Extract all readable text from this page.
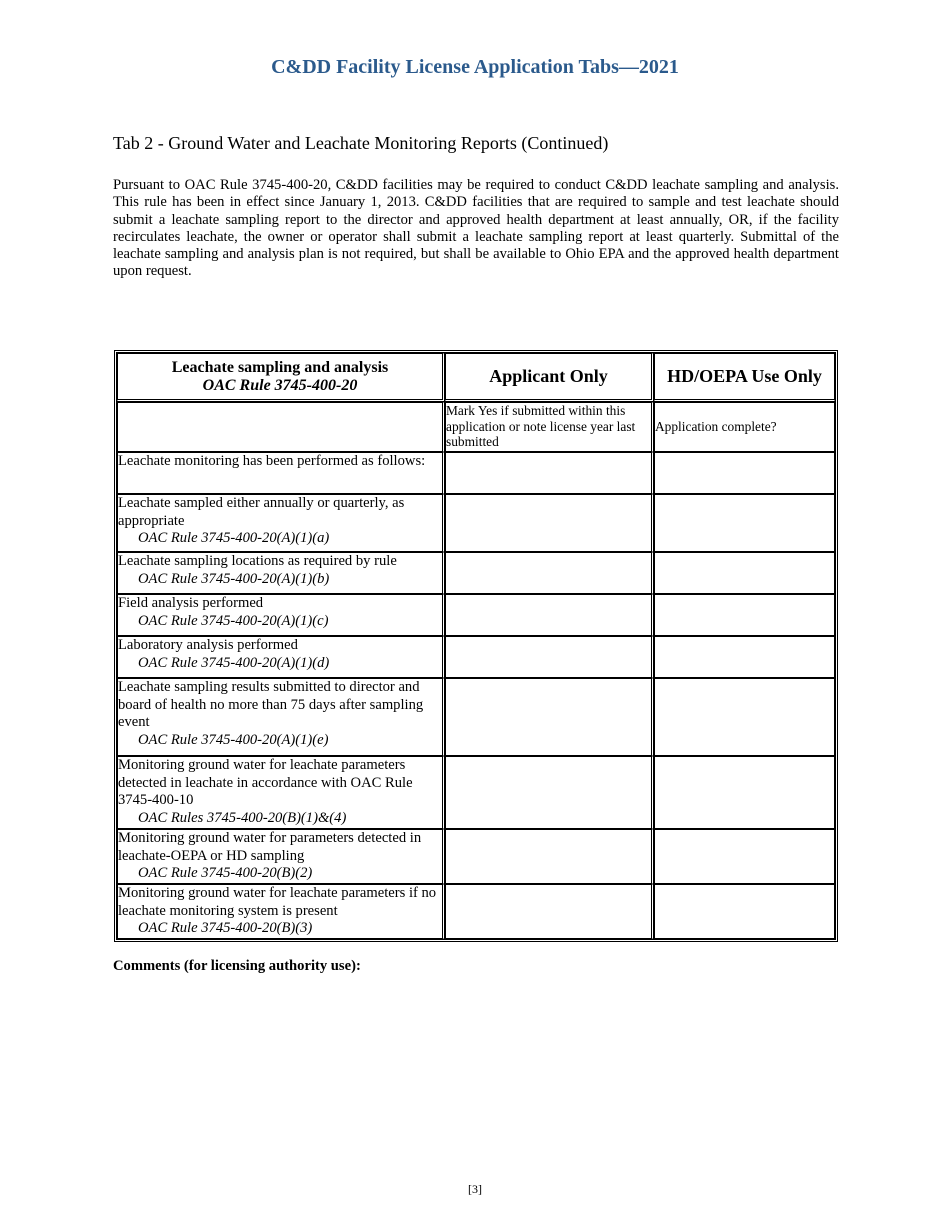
C&DD Facility License Application Tabs—2021
Tab 2 - Ground Water and Leachate Monitoring Reports (Continued)
Pursuant to OAC Rule 3745-400-20, C&DD facilities may be required to conduct C&DD leachate sampling and analysis. This rule has been in effect since January 1, 2013. C&DD facilities that are required to sample and test leachate should submit a leachate sampling report to the director and approved health department at least annually, OR, if the facility recirculates leachate, the owner or operator shall submit a leachate sampling report at least quarterly. Submittal of the leachate sampling and analysis plan is not required, but shall be available to Ohio EPA and the approved health department upon request.
Leachate sampling and analysis
OAC Rule 3745-400-20	Applicant Only	HD/OEPA Use Only
	Mark Yes if submitted within this application or note license year last submitted	Application complete?

Leachate monitoring has been performed as follows:		

Leachate sampled either annually or quarterly, as appropriate
OAC Rule 3745-400-20(A)(1)(a)		

Leachate sampling locations as required by rule
OAC Rule 3745-400-20(A)(1)(b)		

Field analysis performed
OAC Rule 3745-400-20(A)(1)(c)		

Laboratory analysis performed
OAC Rule 3745-400-20(A)(1)(d)		

Leachate sampling results submitted to director and board of health no more than 75 days after sampling event
OAC Rule 3745-400-20(A)(1)(e)		

Monitoring ground water for leachate parameters detected in leachate in accordance with OAC Rule 3745-400-10
OAC Rules 3745-400-20(B)(1)&(4)		

Monitoring ground water for parameters detected in leachate-OEPA or HD sampling
OAC Rule 3745-400-20(B)(2)		

Monitoring ground water for leachate parameters if no leachate monitoring system is present
OAC Rule 3745-400-20(B)(3)		

Comments (for licensing authority use):
[3]
